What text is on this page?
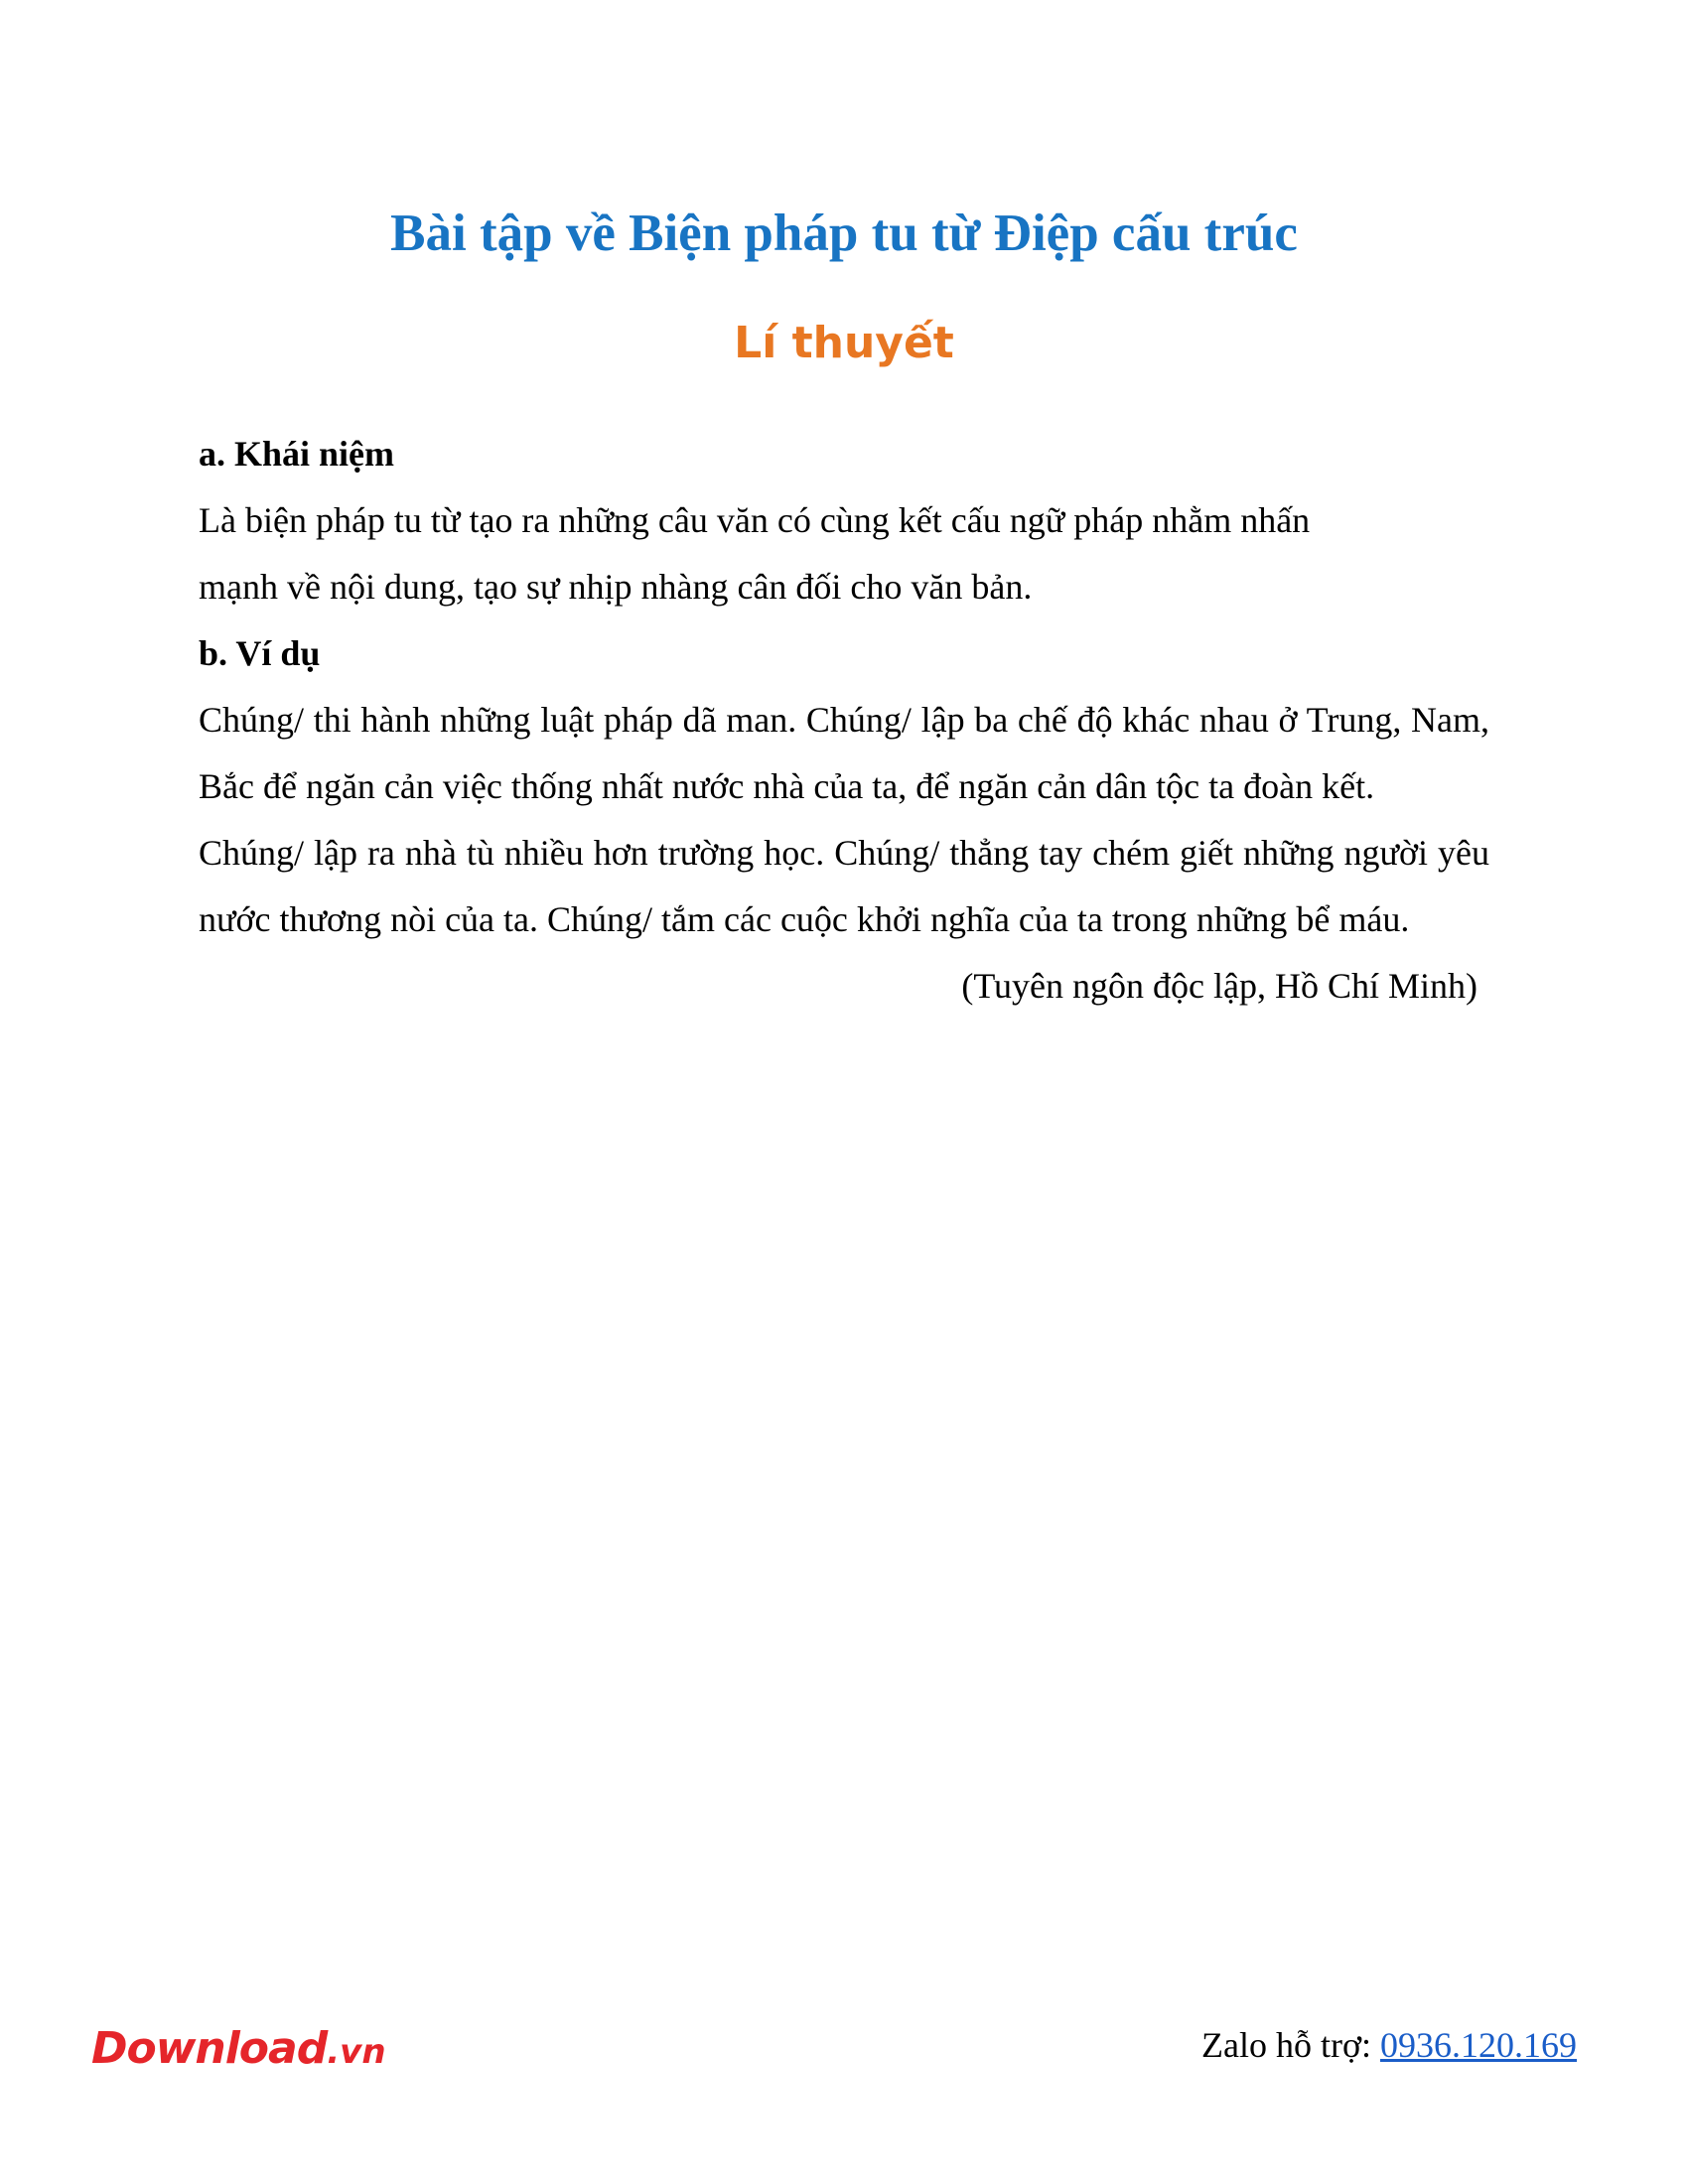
Bài tập về Biện pháp tu từ Điệp cấu trúc
Lí thuyết

a. Khái niệm

Là biện pháp tu từ tạo ra những câu văn có cùng kết cấu ngữ pháp nhằm nhấn mạnh về nội dung, tạo sự nhịp nhàng cân đối cho văn bản.

b. Ví dụ

Chúng/ thi hành những luật pháp dã man. Chúng/ lập ba chế độ khác nhau ở Trung, Nam, Bắc để ngăn cản việc thống nhất nước nhà của ta, để ngăn cản dân tộc ta đoàn kết.

Chúng/ lập ra nhà tù nhiều hơn trường học. Chúng/ thẳng tay chém giết những người yêu nước thương nòi của ta. Chúng/ tắm các cuộc khởi nghĩa của ta trong những bể máu.

(Tuyên ngôn độc lập, Hồ Chí Minh)

Download.vn	Zalo hỗ trợ: 0936.120.169
